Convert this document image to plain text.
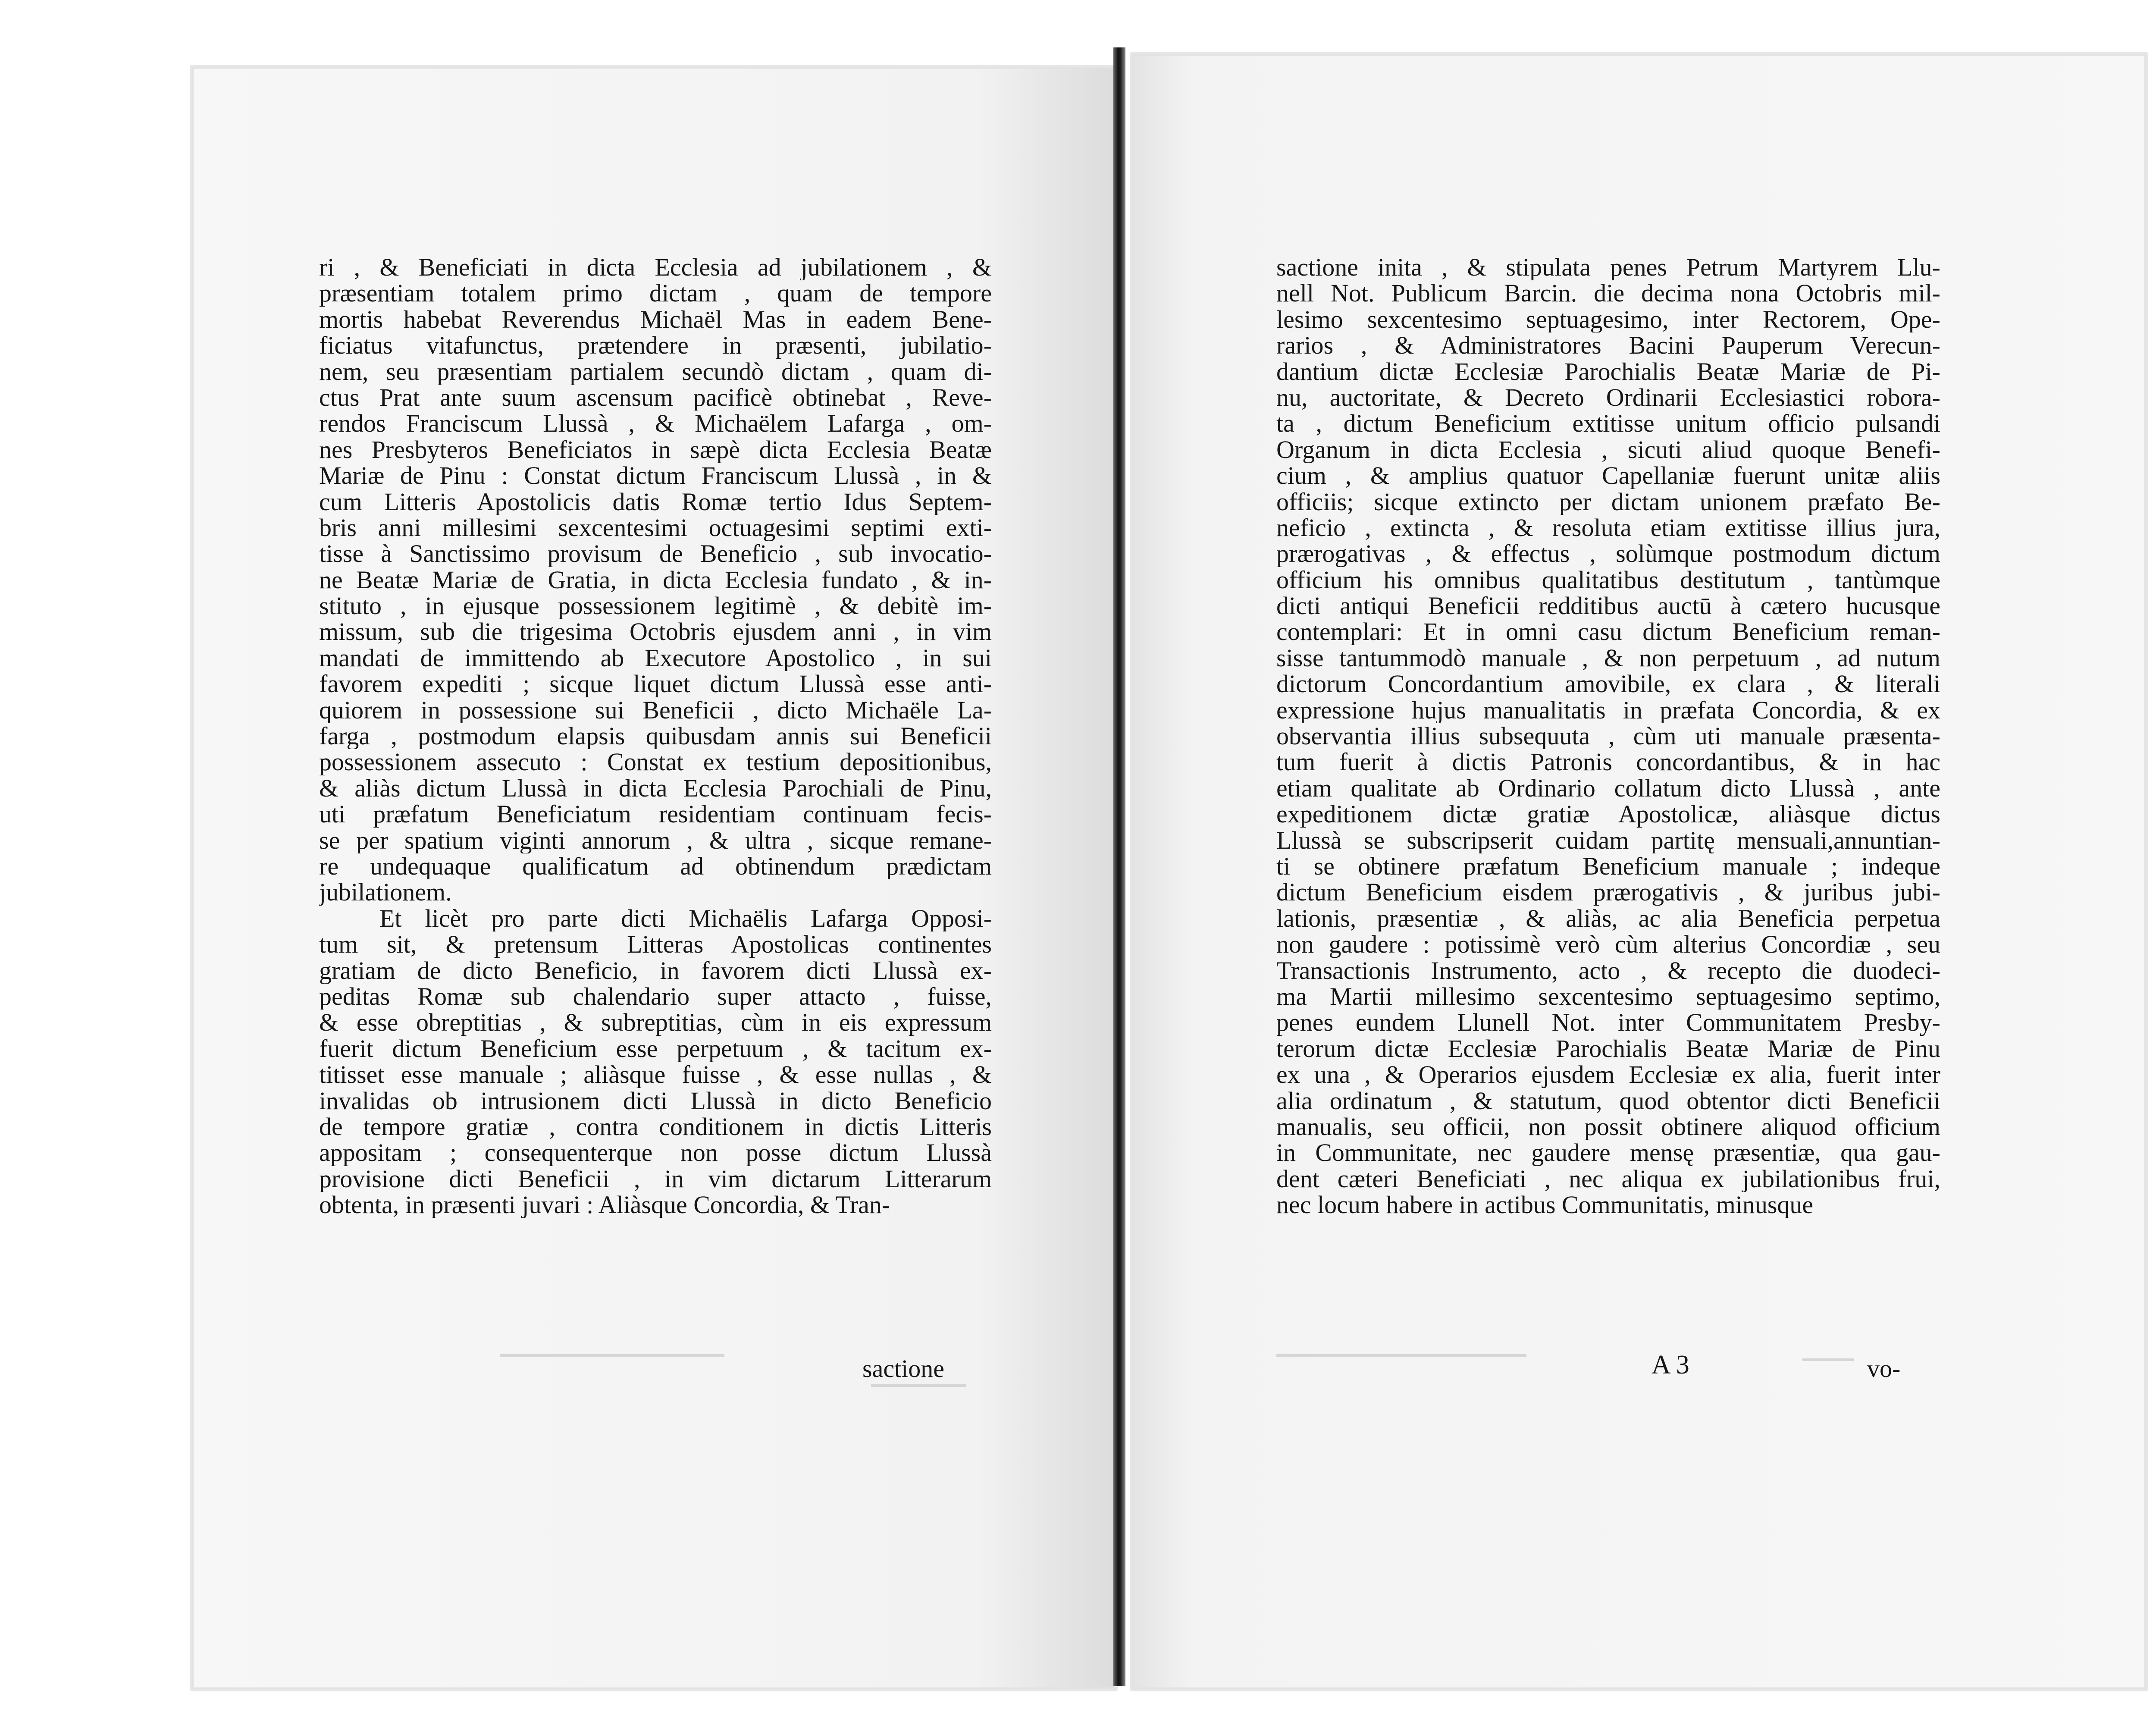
ri , & Beneficiati in dicta Ecclesia ad jubilationem , &
præsentiam totalem primo dictam , quam de tempore
mortis habebat Reverendus Michaël Mas in eadem Bene-
ficiatus vitafunctus, prætendere in præsenti, jubilatio-
nem, seu præsentiam partialem secundò dictam , quam di-
ctus Prat ante suum ascensum pacificè obtinebat , Reve-
rendos Franciscum Llussà , & Michaëlem Lafarga , om-
nes Presbyteros Beneficiatos in sæpè dicta Ecclesia Beatæ
Mariæ de Pinu : Constat dictum Franciscum Llussà , in &
cum Litteris Apostolicis datis Romæ tertio Idus Septem-
bris anni millesimi sexcentesimi octuagesimi septimi exti-
tisse à Sanctissimo provisum de Beneficio , sub invocatio-
ne Beatæ Mariæ de Gratia, in dicta Ecclesia fundato , & in-
stituto , in ejusque possessionem legitimè , & debitè im-
missum, sub die trigesima Octobris ejusdem anni , in vim
mandati de immittendo ab Executore Apostolico , in sui
favorem expediti ; sicque liquet dictum Llussà esse anti-
quiorem in possessione sui Beneficii , dicto Michaële La-
farga , postmodum elapsis quibusdam annis sui Beneficii
possessionem assecuto : Constat ex testium depositionibus,
& aliàs dictum Llussà in dicta Ecclesia Parochiali de Pinu,
uti præfatum Beneficiatum residentiam continuam fecis-
se per spatium viginti annorum , & ultra , sicque remane-
re undequaque qualificatum ad obtinendum prædictam
jubilationem.
Et licèt pro parte dicti Michaëlis Lafarga Opposi-
tum sit, & pretensum Litteras Apostolicas continentes
gratiam de dicto Beneficio, in favorem dicti Llussà ex-
peditas Romæ sub chalendario super attacto , fuisse,
& esse obreptitias , & subreptitias, cùm in eis expressum
fuerit dictum Beneficium esse perpetuum , & tacitum ex-
titisset esse manuale ; aliàsque fuisse , & esse nullas , &
invalidas ob intrusionem dicti Llussà in dicto Beneficio
de tempore gratiæ , contra conditionem in dictis Litteris
appositam ; consequenterque non posse dictum Llussà
provisione dicti Beneficii , in vim dictarum Litterarum
obtenta, in præsenti juvari : Aliàsque Concordia, & Tran-
sactione
sactione inita , & stipulata penes Petrum Martyrem Llu-
nell Not. Publicum Barcin. die decima nona Octobris mil-
lesimo sexcentesimo septuagesimo, inter Rectorem, Ope-
rarios , & Administratores Bacini Pauperum Verecun-
dantium dictæ Ecclesiæ Parochialis Beatæ Mariæ de Pi-
nu, auctoritate, & Decreto Ordinarii Ecclesiastici robora-
ta , dictum Beneficium extitisse unitum officio pulsandi
Organum in dicta Ecclesia , sicuti aliud quoque Benefi-
cium , & amplius quatuor Capellaniæ fuerunt unitæ aliis
officiis; sicque extincto per dictam unionem præfato Be-
neficio , extincta , & resoluta etiam extitisse illius jura,
prærogativas , & effectus , solùmque postmodum dictum
officium his omnibus qualitatibus destitutum , tantùmque
dicti antiqui Beneficii redditibus auctū à cætero hucusque
contemplari: Et in omni casu dictum Beneficium reman-
sisse tantummodò manuale , & non perpetuum , ad nutum
dictorum Concordantium amovibile, ex clara , & literali
expressione hujus manualitatis in præfata Concordia, & ex
observantia illius subsequuta , cùm uti manuale præsenta-
tum fuerit à dictis Patronis concordantibus, & in hac
etiam qualitate ab Ordinario collatum dicto Llussà , ante
expeditionem dictæ gratiæ Apostolicæ, aliàsque dictus
Llussà se subscripserit cuidam partitę mensuali,annuntian-
ti se obtinere præfatum Beneficium manuale ; indeque
dictum Beneficium eisdem prærogativis , & juribus jubi-
lationis, præsentiæ , & aliàs, ac alia Beneficia perpetua
non gaudere : potissimè verò cùm alterius Concordiæ , seu
Transactionis Instrumento, acto , & recepto die duodeci-
ma Martii millesimo sexcentesimo septuagesimo septimo,
penes eundem Llunell Not. inter Communitatem Presby-
terorum dictæ Ecclesiæ Parochialis Beatæ Mariæ de Pinu
ex una , & Operarios ejusdem Ecclesiæ ex alia, fuerit inter
alia ordinatum , & statutum, quod obtentor dicti Beneficii
manualis, seu officii, non possit obtinere aliquod officium
in Communitate, nec gaudere mensę præsentiæ, qua gau-
dent cæteri Beneficiati , nec aliqua ex jubilationibus frui,
nec locum habere in actibus Communitatis, minusque
A 3	vo-
